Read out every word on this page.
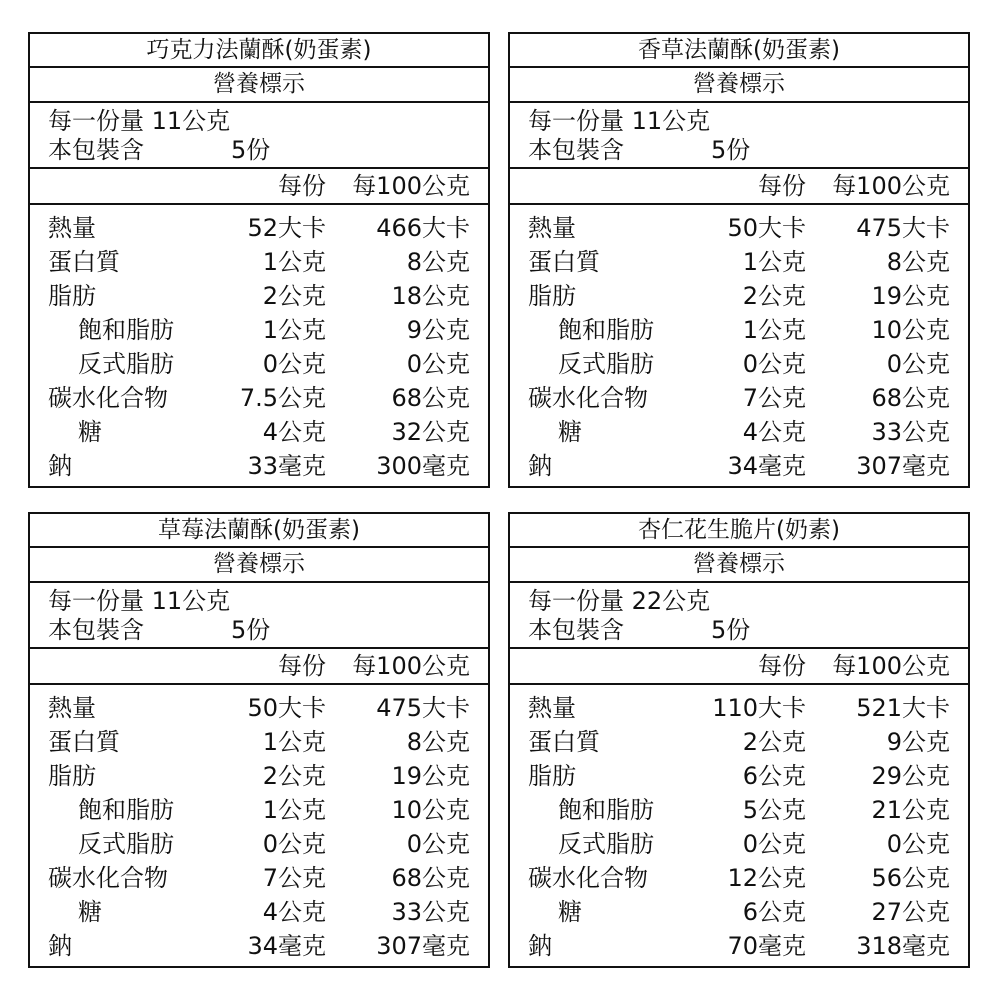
巧克力法蘭酥(奶蛋素)
營養標示
每一份量 11公克
本包裝含	5份
每份 每100公克
熱量	52大卡 466大卡
蛋白質	1公克	8公克
脂肪	2公克	18公克
飽和脂肪	1公克	9公克
反式脂肪	0公克	0公克
碳水化合物	7.5公克	68公克
糖	4公克	32公克
鈉	33毫克 300毫克
香草法蘭酥(奶蛋素)
營養標示
每一份量 11公克
本包裝含	5份
每份 每100公克
熱量	50大卡 475大卡
蛋白質	1公克	8公克
脂肪	2公克	19公克
飽和脂肪	1公克	10公克
反式脂肪	0公克	0公克
碳水化合物	7公克	68公克
糖	4公克	33公克
鈉	34毫克 307毫克
草莓法蘭酥(奶蛋素)
營養標示
每一份量 11公克
本包裝含	5份
每份 每100公克
熱量	50大卡 475大卡
蛋白質	1公克	8公克
脂肪	2公克	19公克
飽和脂肪	1公克	10公克
反式脂肪	0公克	0公克
碳水化合物	7公克	68公克
糖	4公克	33公克
鈉	34毫克 307毫克
杏仁花生脆片(奶素)
營養標示
每一份量 22公克
本包裝含	5份
每份 每100公克
熱量	110大卡 521大卡
蛋白質	2公克	9公克
脂肪	6公克	29公克
飽和脂肪	5公克	21公克
反式脂肪	0公克	0公克
碳水化合物	12公克	56公克
糖	6公克	27公克
鈉	70毫克 318毫克
